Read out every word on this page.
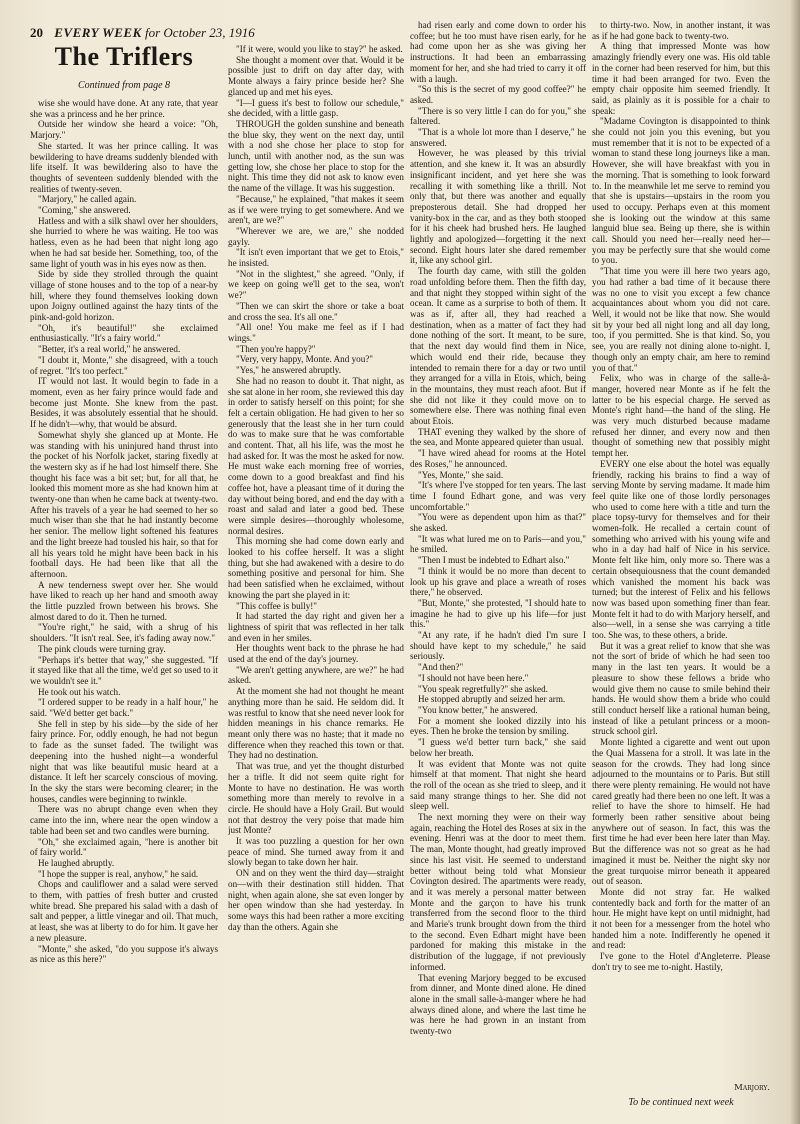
20 EVERY WEEK for October 23, 1916
The Triflers
Continued from page 8

wise she would have done. At any rate, that year she was a princess and he her prince.

Outside her window she heard a voice: "Oh, Marjory."

She started. It was her prince calling. It was bewildering to have dreams suddenly blended with life itself. It was bewildering also to have the thoughts of seventeen suddenly blended with the realities of twenty-seven.

"Marjory," he called again.

"Coming," she answered.

Hatless and with a silk shawl over her shoulders, she hurried to where he was waiting. He too was hatless, even as he had been that night long ago when he had sat beside her. Something, too, of the same light of youth was in his eyes now as then.

Side by side they strolled through the quaint village of stone houses and to the top of a near-by hill, where they found themselves looking down upon Joigny outlined against the hazy tints of the pink-and-gold horizon.

"Oh, it's beautiful!" she exclaimed enthusiastically. "It's a fairy world."

"Better, it's a real world," he answered.

"I doubt it, Monte," she disagreed, with a touch of regret. "It's too perfect."

IT would not last. It would begin to fade in a moment, even as her fairy prince would fade and become just Monte. She knew from the past. Besides, it was absolutely essential that he should. If he didn't—why, that would be absurd.

Somewhat shyly she glanced up at Monte. He was standing with his uninjured hand thrust into the pocket of his Norfolk jacket, staring fixedly at the western sky as if he had lost himself there. She thought his face was a bit set; but, for all that, he looked this moment more as she had known him at twenty-one than when he came back at twenty-two. After his travels of a year he had seemed to her so much wiser than she that he had instantly become her senior. The mellow light softened his features and the light breeze had tousled his hair, so that for all his years told he might have been back in his football days. He had been like that all the afternoon.

A new tenderness swept over her. She would have liked to reach up her hand and smooth away the little puzzled frown between his brows. She almost dared to do it. Then he turned.

"You're right," he said, with a shrug of his shoulders. "It isn't real. See, it's fading away now."

The pink clouds were turning gray.

"Perhaps it's better that way," she suggested. "If it stayed like that all the time, we'd get so used to it we wouldn't see it."

He took out his watch.

"I ordered supper to be ready in a half hour," he said. "We'd better get back."

She fell in step by his side—by the side of her fairy prince. For, oddly enough, he had not begun to fade as the sunset faded. The twilight was deepening into the hushed night—a wonderful night that was like beautiful music heard at a distance. It left her scarcely conscious of moving. In the sky the stars were becoming clearer; in the houses, candles were beginning to twinkle.

There was no abrupt change even when they came into the inn, where near the open window a table had been set and two candles were burning.

"Oh," she exclaimed again, "here is another bit of fairy world."

He laughed abruptly.

"I hope the supper is real, anyhow," he said.

Chops and cauliflower and a salad were served to them, with patties of fresh butter and crusted white bread. She prepared his salad with a dash of salt and pepper, a little vinegar and oil. That much, at least, she was at liberty to do for him. It gave her a new pleasure.

"Monte," she asked, "do you suppose it's always as nice as this here?"

"If it were, would you like to stay?" he asked.

She thought a moment over that. Would it be possible just to drift on day after day, with Monte always a fairy prince beside her? She glanced up and met his eyes.

"I—I guess it's best to follow our schedule," she decided, with a little gasp.

THROUGH the golden sunshine and beneath the blue sky, they went on the next day, until with a nod she chose her place to stop for lunch, until with another nod, as the sun was getting low, she chose her place to stop for the night. This time they did not ask to know even the name of the village. It was his suggestion.

"Because," he explained, "that makes it seem as if we were trying to get somewhere. And we aren't, are we?"

"Wherever we are, we are," she nodded gayly.

"It isn't even important that we get to Etois," he insisted.

"Not in the slightest," she agreed. "Only, if we keep on going we'll get to the sea, won't we?"

"Then we can skirt the shore or take a boat and cross the sea. It's all one."

"All one! You make me feel as if I had wings."

"Then you're happy?"

"Very, very happy, Monte. And you?"

"Yes," he answered abruptly.

She had no reason to doubt it. That night, as she sat alone in her room, she reviewed this day in order to satisfy herself on this point; for she felt a certain obligation. He had given to her so generously that the least she in her turn could do was to make sure that he was comfortable and content. That, all his life, was the most he had asked for. It was the most he asked for now. He must wake each morning free of worries, come down to a good breakfast and find his coffee hot, have a pleasant time of it during the day without being bored, and end the day with a roast and salad and later a good bed. These were simple desires—thoroughly wholesome, normal desires.

This morning she had come down early and looked to his coffee herself. It was a slight thing, but she had awakened with a desire to do something positive and personal for him. She had been satisfied when he exclaimed, without knowing the part she played in it:

"This coffee is bully!"

It had started the day right and given her a lightness of spirit that was reflected in her talk and even in her smiles.

Her thoughts went back to the phrase he had used at the end of the day's journey.

"We aren't getting anywhere, are we?" he had asked.

At the moment she had not thought he meant anything more than he said. He seldom did. It was restful to know that she need never look for hidden meanings in his chance remarks. He meant only there was no haste; that it made no difference when they reached this town or that. They had no destination.

That was true, and yet the thought disturbed her a trifle. It did not seem quite right for Monte to have no destination. He was worth something more than merely to revolve in a circle. He should have a Holy Grail. But would not that destroy the very poise that made him just Monte?

It was too puzzling a question for her own peace of mind. She turned away from it and slowly began to take down her hair.

ON and on they went the third day—straight on—with their destination still hidden. That night, when again alone, she sat even longer by her open window than she had yesterday. In some ways this had been rather a more exciting day than the others. Again she

had risen early and come down to order his coffee; but he too must have risen early, for he had come upon her as she was giving her instructions. It had been an embarrassing moment for her, and she had tried to carry it off with a laugh.

"So this is the secret of my good coffee?" he asked.

"There is so very little I can do for you," she faltered.

"That is a whole lot more than I deserve," he answered.

However, he was pleased by this trivial attention, and she knew it. It was an absurdly insignificant incident, and yet here she was recalling it with something like a thrill. Not only that, but there was another and equally preposterous detail. She had dropped her vanity-box in the car, and as they both stooped for it his cheek had brushed hers. He laughed lightly and apologized—forgetting it the next second. Eight hours later she dared remember it, like any school girl.

The fourth day came, with still the golden road unfolding before them. Then the fifth day, and that night they stopped within sight of the ocean. It came as a surprise to both of them. It was as if, after all, they had reached a destination, when as a matter of fact they had done nothing of the sort. It meant, to be sure, that the next day would find them in Nice, which would end their ride, because they intended to remain there for a day or two until they arranged for a villa in Etois, which, being in the mountains, they must reach afoot. But if she did not like it they could move on to somewhere else. There was nothing final even about Etois.

THAT evening they walked by the shore of the sea, and Monte appeared quieter than usual.

"I have wired ahead for rooms at the Hotel des Roses," he announced.

"Yes, Monte," she said.

"It's where I've stopped for ten years. The last time I found Edhart gone, and was very uncomfortable."

"You were as dependent upon him as that?" she asked.

"It was what lured me on to Paris—and you," he smiled.

"Then I must be indebted to Edhart also."

"I think it would be no more than decent to look up his grave and place a wreath of roses there," he observed.

"But, Monte," she protested, "I should hate to imagine he had to give up his life—for just this."

"At any rate, if he hadn't died I'm sure I should have kept to my schedule," he said seriously.

"And then?"

"I should not have been here."

"You speak regretfully?" she asked.

He stopped abruptly and seized her arm.

"You know better," he answered.

For a moment she looked dizzily into his eyes. Then he broke the tension by smiling.

"I guess we'd better turn back," she said below her breath.

It was evident that Monte was not quite himself at that moment. That night she heard the roll of the ocean as she tried to sleep, and it said many strange things to her. She did not sleep well.

The next morning they were on their way again, reaching the Hotel des Roses at six in the evening. Henri was at the door to meet them. The man, Monte thought, had greatly improved since his last visit. He seemed to understand better without being told what Monsieur Covington desired. The apartments were ready, and it was merely a personal matter between Monte and the garçon to have his trunk transferred from the second floor to the third and Marie's trunk brought down from the third to the second. Even Edhart might have been pardoned for making this mistake in the distribution of the luggage, if not previously informed.

That evening Marjory begged to be excused from dinner, and Monte dined alone. He dined alone in the small salle-à-manger where he had always dined alone, and where the last time he was here he had grown in an instant from twenty-two

to thirty-two. Now, in another instant, it was as if he had gone back to twenty-two.

A thing that impressed Monte was how amazingly friendly every one was. His old table in the corner had been reserved for him, but this time it had been arranged for two. Even the empty chair opposite him seemed friendly. It said, as plainly as it is possible for a chair to speak:

"Madame Covington is disappointed to think she could not join you this evening, but you must remember that it is not to be expected of a woman to stand these long journeys like a man. However, she will have breakfast with you in the morning. That is something to look forward to. In the meanwhile let me serve to remind you that she is upstairs—upstairs in the room you used to occupy. Perhaps even at this moment she is looking out the window at this same languid blue sea. Being up there, she is within call. Should you need her—really need her—you may be perfectly sure that she would come to you.

"That time you were ill here two years ago, you had rather a bad time of it because there was no one to visit you except a few chance acquaintances about whom you did not care. Well, it would not be like that now. She would sit by your bed all night long and all day long, too, if you permitted. She is that kind. So, you see, you are really not dining alone to-night. I, though only an empty chair, am here to remind you of that."

Felix, who was in charge of the salle-à-manger, hovered near Monte as if he felt the latter to be his especial charge. He served as Monte's right hand—the hand of the sling. He was very much disturbed because madame refused her dinner, and every now and then thought of something new that possibly might tempt her.

EVERY one else about the hotel was equally friendly, racking his brains to find a way of serving Monte by serving madame. It made him feel quite like one of those lordly personages who used to come here with a title and turn the place topsy-turvy for themselves and for their women-folk. He recalled a certain count of something who arrived with his young wife and who in a day had half of Nice in his service. Monte felt like him, only more so. There was a certain obsequiousness that the count demanded which vanished the moment his back was turned; but the interest of Felix and his fellows now was based upon something finer than fear. Monte felt it had to do with Marjory herself, and also—well, in a sense she was carrying a title too. She was, to these others, a bride.

But it was a great relief to know that she was not the sort of bride of which he had seen too many in the last ten years. It would be a pleasure to show these fellows a bride who would give them no cause to smile behind their hands. He would show them a bride who could still conduct herself like a rational human being, instead of like a petulant princess or a moon-struck school girl.

Monte lighted a cigarette and went out upon the Quai Massena for a stroll. It was late in the season for the crowds. They had long since adjourned to the mountains or to Paris. But still there were plenty remaining. He would not have cared greatly had there been no one left. It was a relief to have the shore to himself. He had formerly been rather sensitive about being anywhere out of season. In fact, this was the first time he had ever been here later than May. But the difference was not so great as he had imagined it must be. Neither the night sky nor the great turquoise mirror beneath it appeared out of season.

Monte did not stray far. He walked contentedly back and forth for the matter of an hour. He might have kept on until midnight, had it not been for a messenger from the hotel who handed him a note. Indifferently he opened it and read:

I've gone to the Hotel d'Angleterre. Please don't try to see me to-night. Hastily,

Marjory.
To be continued next week
